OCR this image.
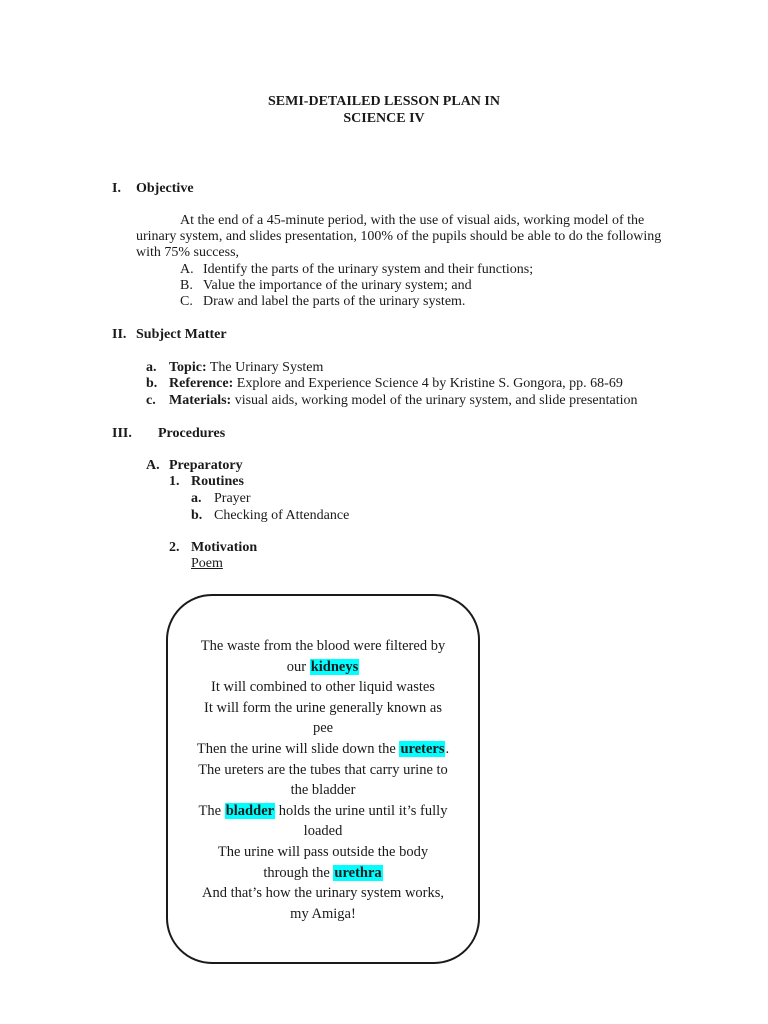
SEMI-DETAILED LESSON PLAN IN
SCIENCE IV
I. Objective
At the end of a 45-minute period, with the use of visual aids, working model of the
urinary system, and slides presentation, 100% of the pupils should be able to do the following
with 75% success,
A. Identify the parts of the urinary system and their functions;
B. Value the importance of the urinary system; and
C. Draw and label the parts of the urinary system.
II. Subject Matter
a. Topic: The Urinary System
b. Reference: Explore and Experience Science 4 by Kristine S. Gongora, pp. 68-69
c. Materials: visual aids, working model of the urinary system, and slide presentation
III. Procedures
A. Preparatory
1. Routines
a. Prayer
b. Checking of Attendance
2. Motivation
Poem
The waste from the blood were filtered by
our kidneys
It will combined to other liquid wastes
It will form the urine generally known as
pee
Then the urine will slide down the ureters.
The ureters are the tubes that carry urine to
the bladder
The bladder holds the urine until it’s fully
loaded
The urine will pass outside the body
through the urethra
And that’s how the urinary system works,
my Amiga!
